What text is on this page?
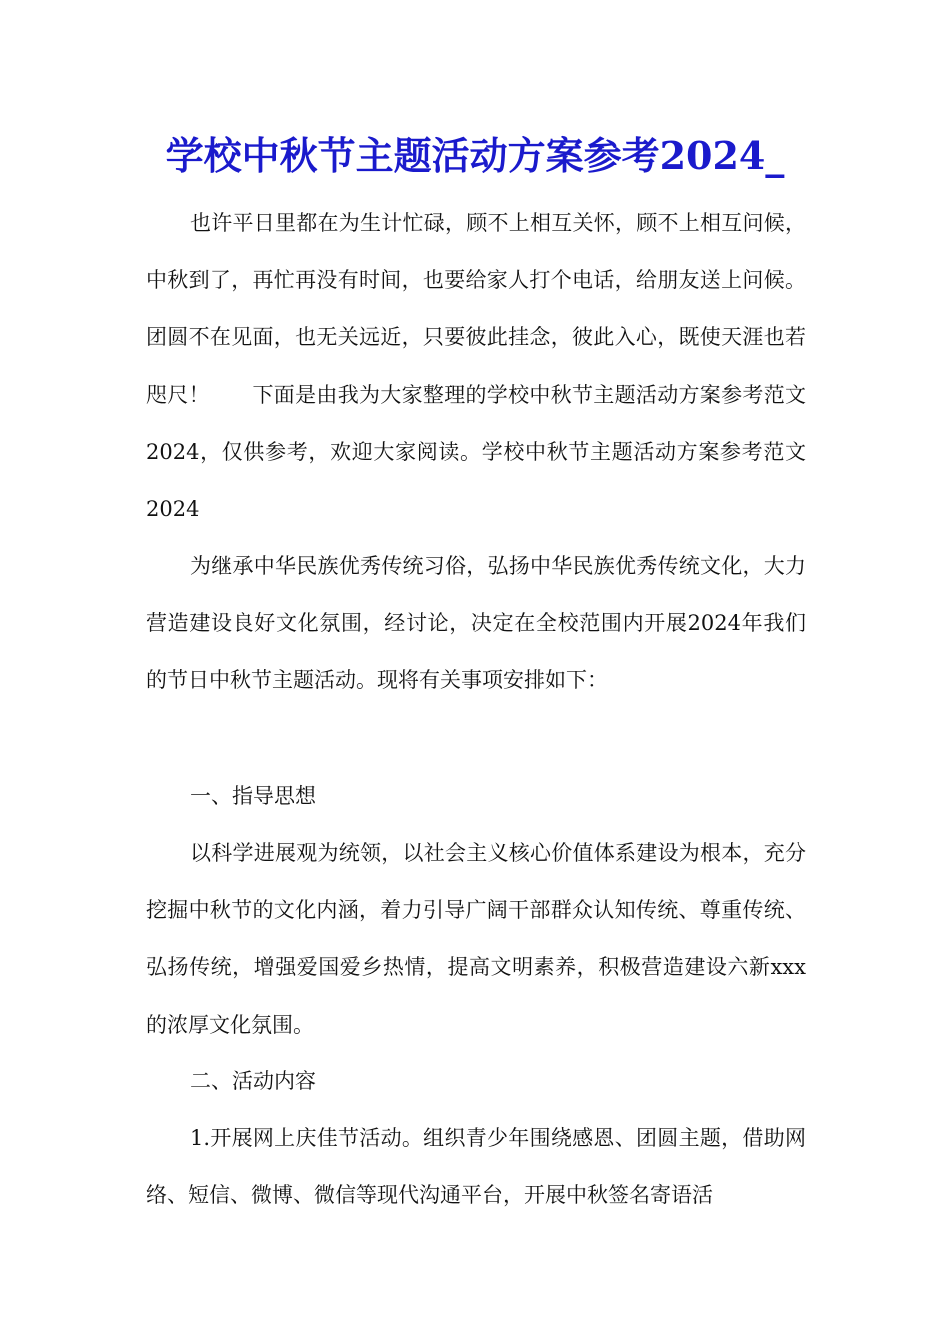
学校中秋节主题活动方案参考2024_

也许平日里都在为生计忙碌，顾不上相互关怀，顾不上相互问候，中秋到了，再忙再没有时间，也要给家人打个电话，给朋友送上问候。团圆不在见面，也无关远近，只要彼此挂念，彼此入心，既使天涯也若咫尺！　　下面是由我为大家整理的学校中秋节主题活动方案参考范文2024，仅供参考，欢迎大家阅读。学校中秋节主题活动方案参考范文2024

为继承中华民族优秀传统习俗，弘扬中华民族优秀传统文化，大力营造建设良好文化氛围，经讨论，决定在全校范围内开展2024年我们的节日中秋节主题活动。现将有关事项安排如下：

一、指导思想

以科学进展观为统领，以社会主义核心价值体系建设为根本，充分挖掘中秋节的文化内涵，着力引导广阔干部群众认知传统、尊重传统、弘扬传统，增强爱国爱乡热情，提高文明素养，积极营造建设六新xxx的浓厚文化氛围。

二、活动内容

1.开展网上庆佳节活动。组织青少年围绕感恩、团圆主题，借助网络、短信、微博、微信等现代沟通平台，开展中秋签名寄语活
